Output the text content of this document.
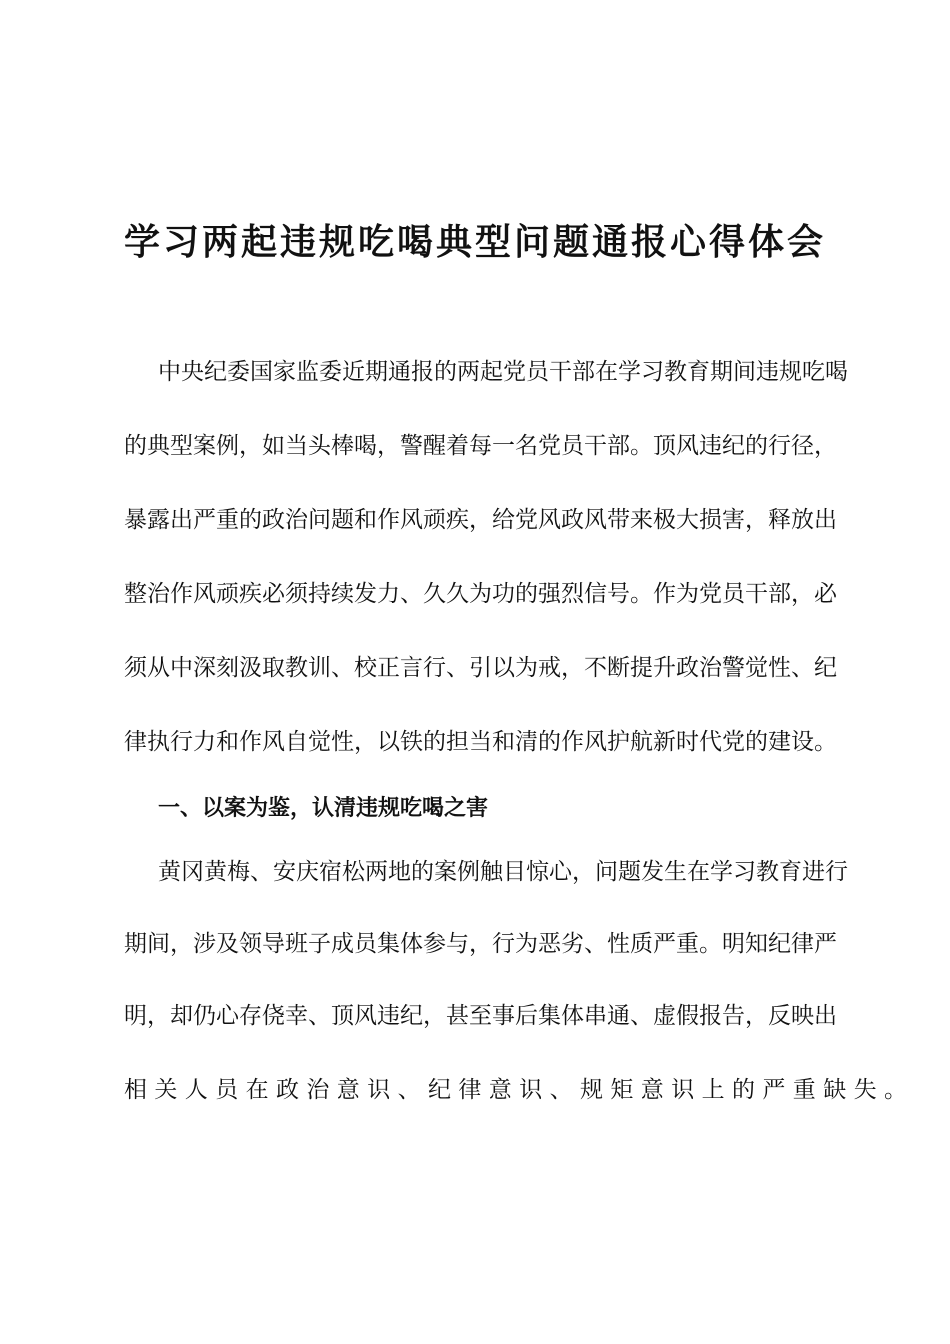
学习两起违规吃喝典型问题通报心得体会
中央纪委国家监委近期通报的两起党员干部在学习教育期间违规吃喝
的典型案例，如当头棒喝，警醒着每一名党员干部。顶风违纪的行径，
暴露出严重的政治问题和作风顽疾，给党风政风带来极大损害，释放出
整治作风顽疾必须持续发力、久久为功的强烈信号。作为党员干部，必
须从中深刻汲取教训、校正言行、引以为戒，不断提升政治警觉性、纪
律执行力和作风自觉性，以铁的担当和清的作风护航新时代党的建设。
一、以案为鉴，认清违规吃喝之害
黄冈黄梅、安庆宿松两地的案例触目惊心，问题发生在学习教育进行
期间，涉及领导班子成员集体参与，行为恶劣、性质严重。明知纪律严
明，却仍心存侥幸、顶风违纪，甚至事后集体串通、虚假报告，反映出
相关人员在政治意识、纪律意识、规矩意识上的严重缺失。
